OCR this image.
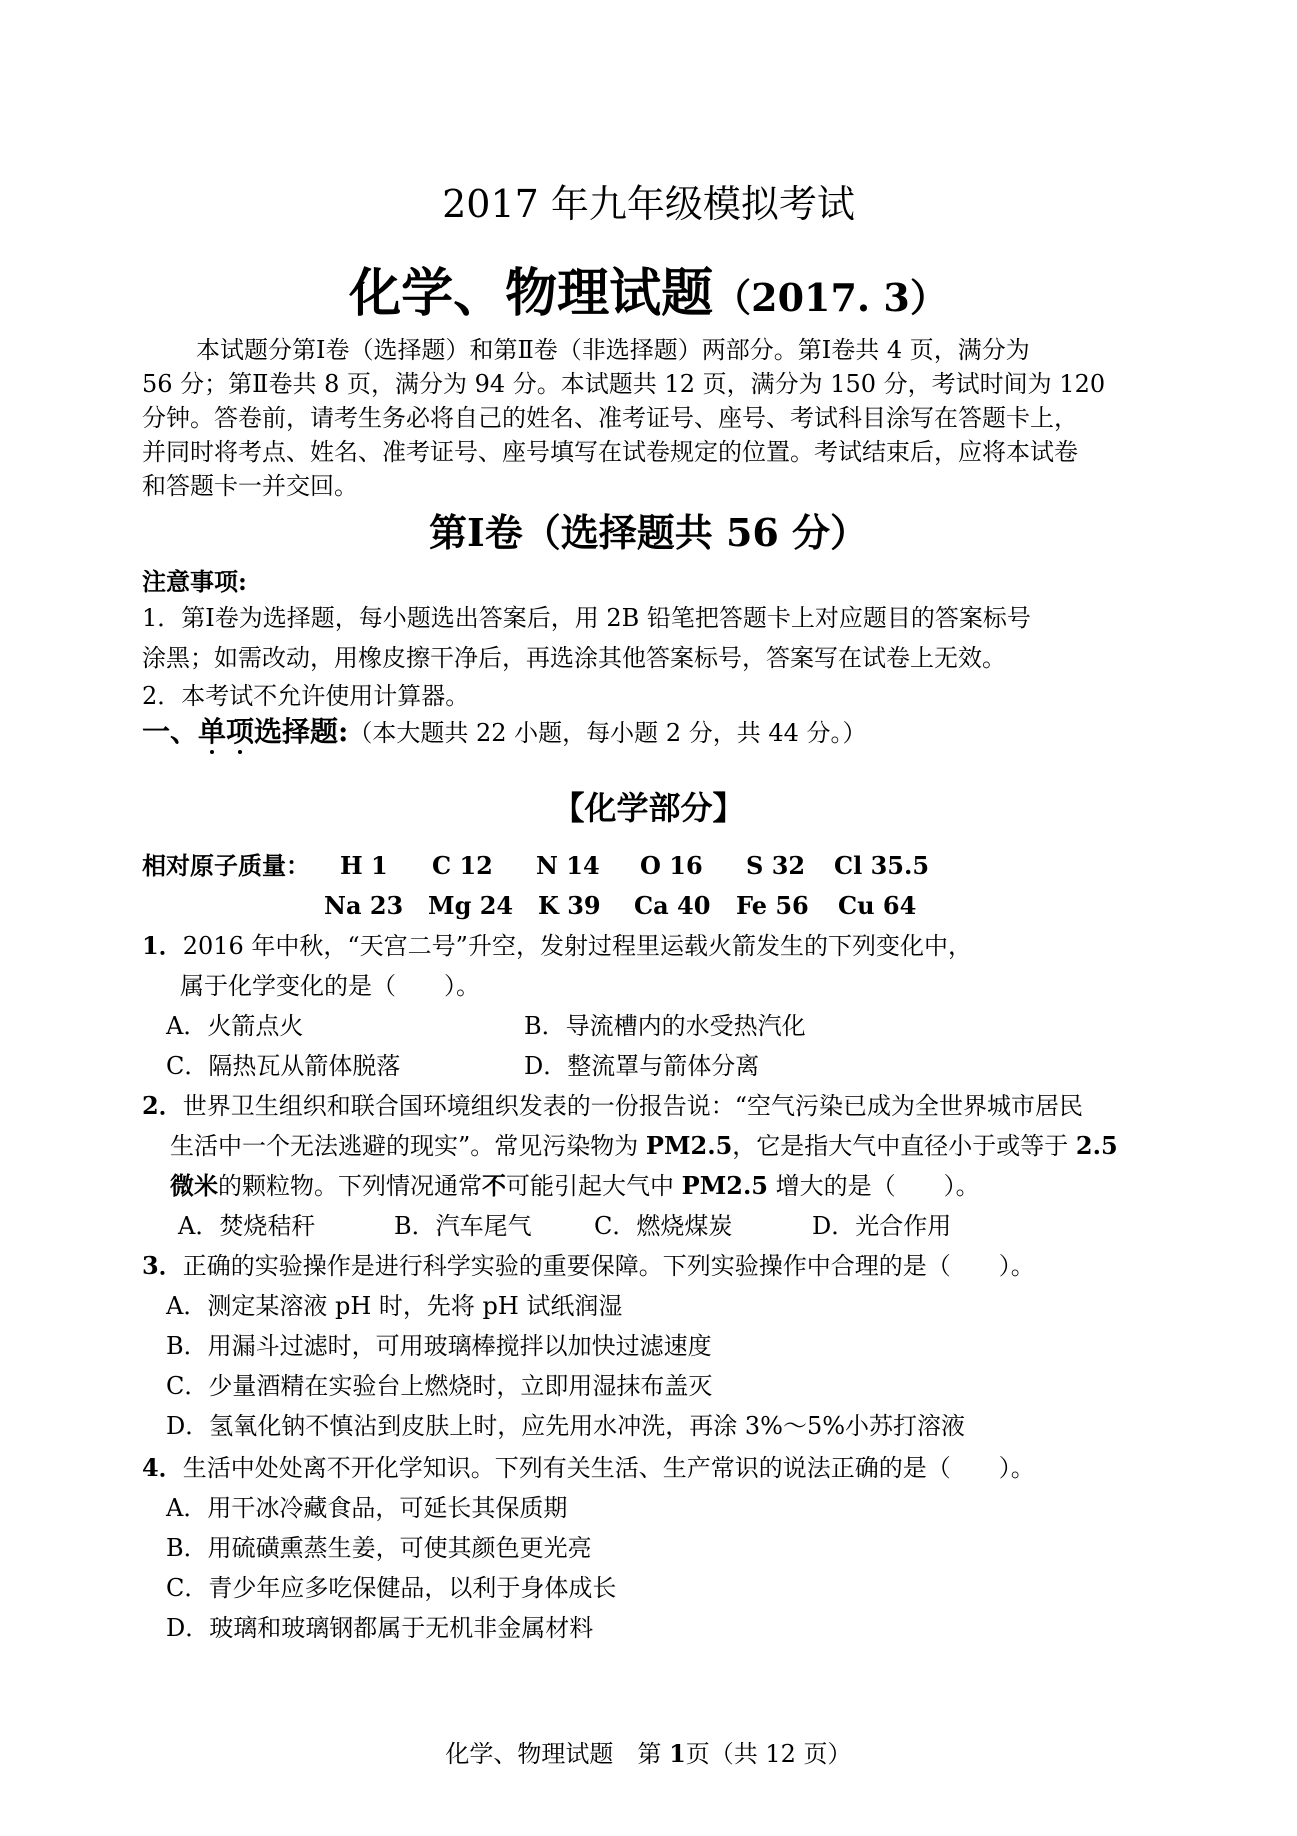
2017 年九年级模拟考试
化学、物理试题（2017. 3）
本试题分第Ⅰ卷（选择题）和第Ⅱ卷（非选择题）两部分。第Ⅰ卷共 4 页，满分为
56 分；第Ⅱ卷共 8 页，满分为 94 分。本试题共 12 页，满分为 150 分，考试时间为 120
分钟。答卷前，请考生务必将自己的姓名、准考证号、座号、考试科目涂写在答题卡上，
并同时将考点、姓名、准考证号、座号填写在试卷规定的位置。考试结束后，应将本试卷
和答题卡一并交回。
第Ⅰ卷（选择题共 56 分）
注意事项:
1．第Ⅰ卷为选择题，每小题选出答案后，用 2B 铅笔把答题卡上对应题目的答案标号
涂黑；如需改动，用橡皮擦干净后，再选涂其他答案标号，答案写在试卷上无效。
2．本考试不允许使用计算器。
一、单项选择题:（本大题共 22 小题，每小题 2 分，共 44 分。）
【化学部分】
相对原子质量： H 1 C 12 N 14 O 16 S 32 Cl 35.5
Na 23 Mg 24 K 39 Ca 40 Fe 56 Cu 64
1．2016 年中秋，“天宫二号”升空，发射过程里运载火箭发生的下列变化中，
属于化学变化的是（　　）。
A．火箭点火	B．导流槽内的水受热汽化
C．隔热瓦从箭体脱落	D．整流罩与箭体分离
2．世界卫生组织和联合国环境组织发表的一份报告说：“空气污染已成为全世界城市居民
生活中一个无法逃避的现实”。常见污染物为 PM2.5，它是指大气中直径小于或等于 2.5
微米的颗粒物。下列情况通常不可能引起大气中 PM2.5 增大的是（　　）。
A．焚烧秸秆	B．汽车尾气	C．燃烧煤炭	D．光合作用
3．正确的实验操作是进行科学实验的重要保障。下列实验操作中合理的是（　　）。
A．测定某溶液 pH 时，先将 pH 试纸润湿
B．用漏斗过滤时，可用玻璃棒搅拌以加快过滤速度
C．少量酒精在实验台上燃烧时，立即用湿抹布盖灭
D．氢氧化钠不慎沾到皮肤上时，应先用水冲洗，再涂 3%～5%小苏打溶液
4．生活中处处离不开化学知识。下列有关生活、生产常识的说法正确的是（　　）。
A．用干冰冷藏食品，可延长其保质期
B．用硫磺熏蒸生姜，可使其颜色更光亮
C．青少年应多吃保健品，以利于身体成长
D．玻璃和玻璃钢都属于无机非金属材料
化学、物理试题　第 1页（共 12 页）
